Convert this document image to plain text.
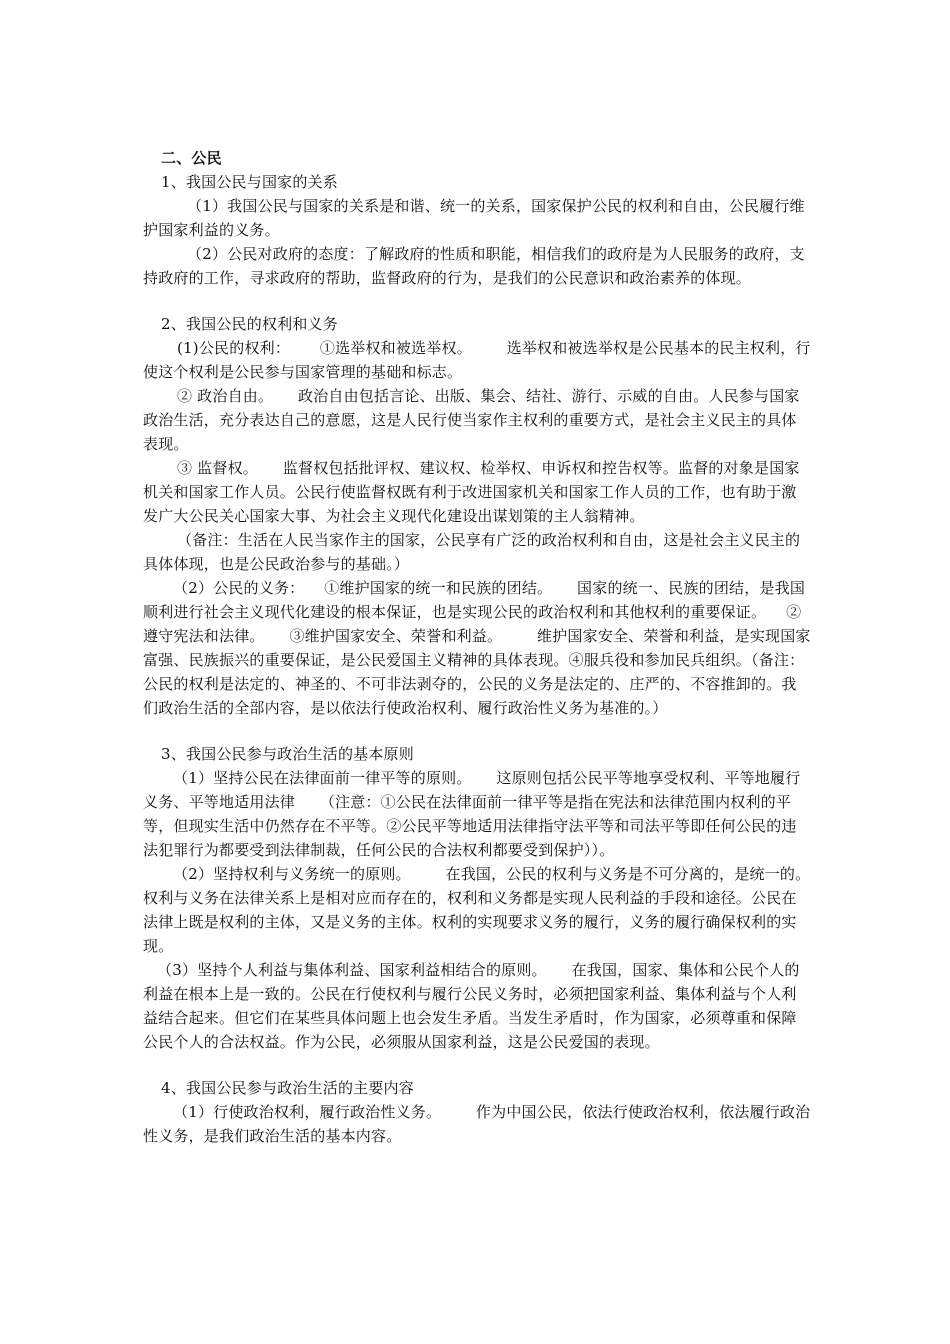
二、公民

1、我国公民与国家的关系

（1）我国公民与国家的关系是和谐、统一的关系，国家保护公民的权利和自由，公民履行维护国家利益的义务。

（2）公民对政府的态度：了解政府的性质和职能，相信我们的政府是为人民服务的政府，支持政府的工作，寻求政府的帮助，监督政府的行为，是我们的公民意识和政治素养的体现。

2、我国公民的权利和义务

(1)公民的权利：      ①选举权和被选举权。       选举权和被选举权是公民基本的民主权利，行使这个权利是公民参与国家管理的基础和标志。

② 政治自由。     政治自由包括言论、出版、集会、结社、游行、示威的自由。人民参与国家政治生活，充分表达自己的意愿，这是人民行使当家作主权利的重要方式，是社会主义民主的具体表现。

③ 监督权。     监督权包括批评权、建议权、检举权、申诉权和控告权等。监督的对象是国家机关和国家工作人员。公民行使监督权既有利于改进国家机关和国家工作人员的工作，也有助于激发广大公民关心国家大事、为社会主义现代化建设出谋划策的主人翁精神。

（备注：生活在人民当家作主的国家，公民享有广泛的政治权利和自由，这是社会主义民主的具体体现，也是公民政治参与的基础。）

（2）公民的义务：    ①维护国家的统一和民族的团结。     国家的统一、民族的团结，是我国顺利进行社会主义现代化建设的根本保证，也是实现公民的政治权利和其他权利的重要保证。    ②遵守宪法和法律。     ③维护国家安全、荣誉和利益。       维护国家安全、荣誉和利益，是实现国家富强、民族振兴的重要保证，是公民爱国主义精神的具体表现。④服兵役和参加民兵组织。（备注：公民的权利是法定的、神圣的、不可非法剥夺的，公民的义务是法定的、庄严的、不容推卸的。我们政治生活的全部内容，是以依法行使政治权利、履行政治性义务为基准的。）

3、我国公民参与政治生活的基本原则

（1）坚持公民在法律面前一律平等的原则。     这原则包括公民平等地享受权利、平等地履行义务、平等地适用法律     （注意：①公民在法律面前一律平等是指在宪法和法律范围内权利的平等，但现实生活中仍然存在不平等。②公民平等地适用法律指守法平等和司法平等即任何公民的违法犯罪行为都要受到法律制裁，任何公民的合法权利都要受到保护））。

（2）坚持权利与义务统一的原则。       在我国，公民的权利与义务是不可分离的，是统一的。权利与义务在法律关系上是相对应而存在的，权利和义务都是实现人民利益的手段和途径。公民在法律上既是权利的主体，又是义务的主体。权利的实现要求义务的履行，义务的履行确保权利的实现。

（3）坚持个人利益与集体利益、国家利益相结合的原则。     在我国，国家、集体和公民个人的利益在根本上是一致的。公民在行使权利与履行公民义务时，必须把国家利益、集体利益与个人利益结合起来。但它们在某些具体问题上也会发生矛盾。当发生矛盾时，作为国家，必须尊重和保障公民个人的合法权益。作为公民，必须服从国家利益，这是公民爱国的表现。

4、我国公民参与政治生活的主要内容

（1）行使政治权利，履行政治性义务。       作为中国公民，依法行使政治权利，依法履行政治性义务，是我们政治生活的基本内容。
